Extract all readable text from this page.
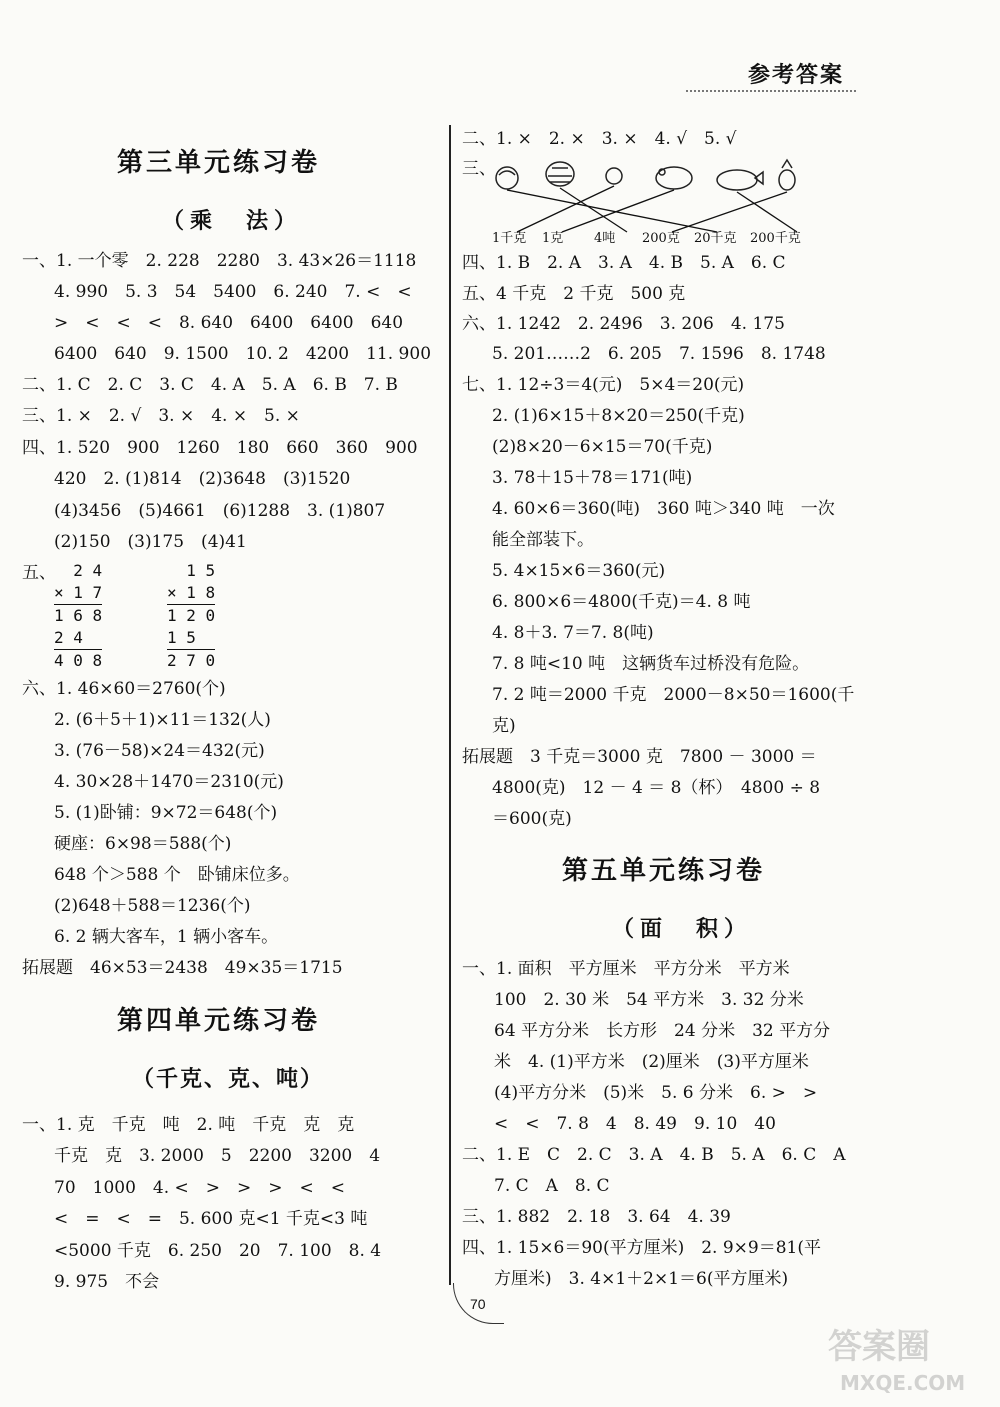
参考答案
第三单元练习卷
（乘　法）
一、1. 一个零　2. 228　2280　3. 43×26＝1118
4. 990　5. 3　54　5400　6. 240　7. <　<
>　<　<　<　8. 640　6400　6400　640
6400　640　9. 1500　10. 2　4200　11. 900
二、1. C　2. C　3. C　4. A　5. A　6. B　7. B
三、1. ×　2. √　3. ×　4. ×　5. ×
四、1. 520　900　1260　180　660　360　900
420　2. (1)814　(2)3648　(3)1520
(4)3456　(5)4661　(6)1288　3. (1)807
(2)150　(3)175　(4)41
五、
2 4
× 1 7
1 6 8
2 4
4 0 8
1 5
× 1 8
1 2 0
1 5
2 7 0
六、1. 46×60＝2760(个)
2. (6＋5＋1)×11＝132(人)
3. (76－58)×24＝432(元)
4. 30×28＋1470＝2310(元)
5. (1)卧铺：9×72＝648(个)
硬座：6×98＝588(个)
648 个＞588 个　卧铺床位多。
(2)648＋588＝1236(个)
6. 2 辆大客车，1 辆小客车。
拓展题　46×53＝2438　49×35＝1715
第四单元练习卷
（千克、克、吨）
一、1. 克　千克　吨　2. 吨　千克　克　克
千克　克　3. 2000　5　2200　3200　4
70　1000　4. <　>　>　>　<　<
<　=　<　=　5. 600 克<1 千克<3 吨
<5000 千克　6. 250　20　7. 100　8. 4
9. 975　不会
二、1. ×　2. ×　3. ×　4. √　5. √
三、
1千克 1克 4吨 200克 20千克 200千克
四、1. B　2. A　3. A　4. B　5. A　6. C
五、4 千克　2 千克　500 克
六、1. 1242　2. 2496　3. 206　4. 175
5. 201……2　6. 205　7. 1596　8. 1748
七、1. 12÷3＝4(元)　5×4＝20(元)
2. (1)6×15＋8×20＝250(千克)
(2)8×20－6×15＝70(千克)
3. 78＋15＋78＝171(吨)
4. 60×6＝360(吨)　360 吨＞340 吨　一次
能全部装下。
5. 4×15×6＝360(元)
6. 800×6＝4800(千克)＝4. 8 吨
4. 8＋3. 7＝7. 8(吨)
7. 8 吨<10 吨　这辆货车过桥没有危险。
7. 2 吨＝2000 千克　2000－8×50＝1600(千
克)
拓展题　3 千克＝3000 克　7800 － 3000 ＝
4800(克)　12 － 4 ＝ 8（杯）　4800 ÷ 8
＝600(克)
第五单元练习卷
（面　积）
一、1. 面积　平方厘米　平方分米　平方米
100　2. 30 米　54 平方米　3. 32 分米
64 平方分米　长方形　24 分米　32 平方分
米　4. (1)平方米　(2)厘米　(3)平方厘米
(4)平方分米　(5)米　5. 6 分米　6. >　>
<　<　7. 8　4　8. 49　9. 10　40
二、1. E　C　2. C　3. A　4. B　5. A　6. C　A
7. C　A　8. C
三、1. 882　2. 18　3. 64　4. 39
四、1. 15×6＝90(平方厘米)　2. 9×9＝81(平
方厘米)　3. 4×1＋2×1＝6(平方厘米)
70
答案圈
MXQE.COM
